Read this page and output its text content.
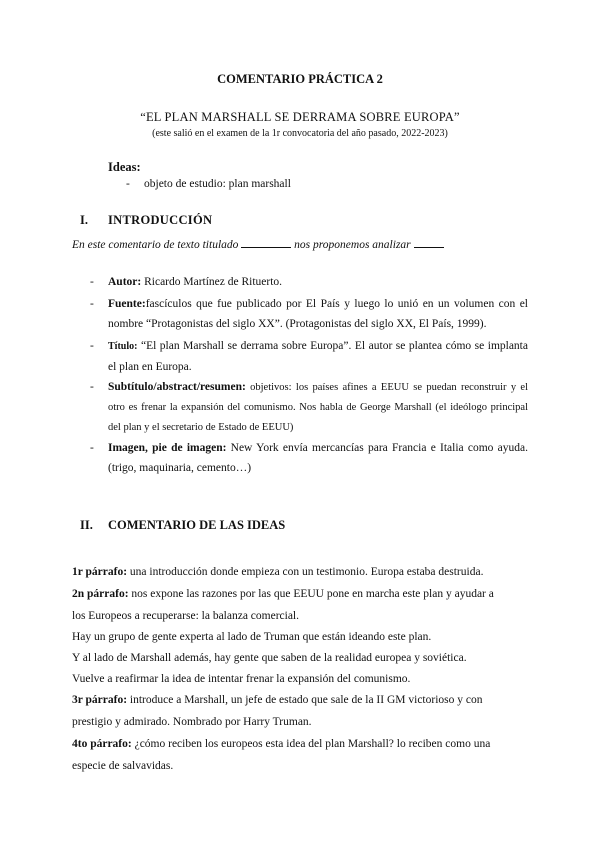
COMENTARIO PRÁCTICA 2
“EL PLAN MARSHALL SE DERRAMA SOBRE EUROPA”
(este salió en el examen de la 1r convocatoria del año pasado, 2022-2023)
Ideas:
- objeto de estudio: plan marshall
I. INTRODUCCIÓN
En este comentario de texto titulado	nos proponemos analizar
- Autor: Ricardo Martínez de Rituerto.
- Fuente:fascículos que fue publicado por El País y luego lo unió en un volumen con el nombre “Protagonistas del siglo XX”. (Protagonistas del siglo XX, El País, 1999).
- Título: “El plan Marshall se derrama sobre Europa”. El autor se plantea cómo se implanta el plan en Europa.
- Subtítulo/abstract/resumen: objetivos: los países afines a EEUU se puedan reconstruir y el otro es frenar la expansión del comunismo. Nos habla de George Marshall (el ideólogo principal del plan y el secretario de Estado de EEUU)
- Imagen, pie de imagen: New York envía mercancías para Francia e Italia como ayuda. (trigo, maquinaria, cemento…)
II. COMENTARIO DE LAS IDEAS
1r párrafo: una introducción donde empieza con un testimonio. Europa estaba destruida.
2n párrafo: nos expone las razones por las que EEUU pone en marcha este plan y ayudar a
los Europeos a recuperarse: la balanza comercial.
Hay un grupo de gente experta al lado de Truman que están ideando este plan.
Y al lado de Marshall además, hay gente que saben de la realidad europea y soviética.
Vuelve a reafirmar la idea de intentar frenar la expansión del comunismo.
3r párrafo: introduce a Marshall, un jefe de estado que sale de la II GM victorioso y con
prestigio y admirado. Nombrado por Harry Truman.
4to párrafo: ¿cómo reciben los europeos esta idea del plan Marshall? lo reciben como una
especie de salvavidas.
